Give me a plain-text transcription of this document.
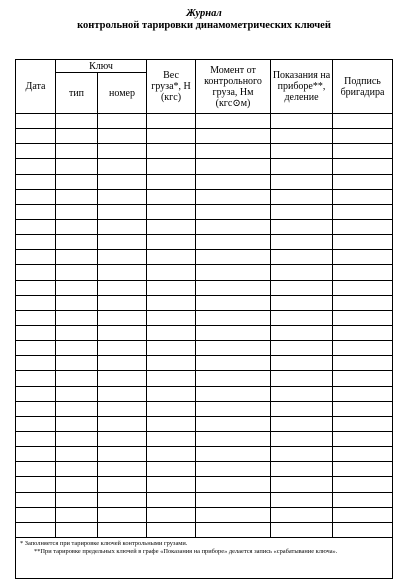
Журнал
контрольной тарировки динамометрических ключей
Дата	Ключ		Вес груза*, Н (кгс)	Момент от контрольного груза, Нм (кгс⊙м)	Показания на приборе**, деление	Подпись бригадира
	тип	номер				

* Заполняется при тарировке ключей контрольными грузами.

**При тарировке предельных ключей в графе «Показания на приборе» делается запись «срабатывание ключа».						
